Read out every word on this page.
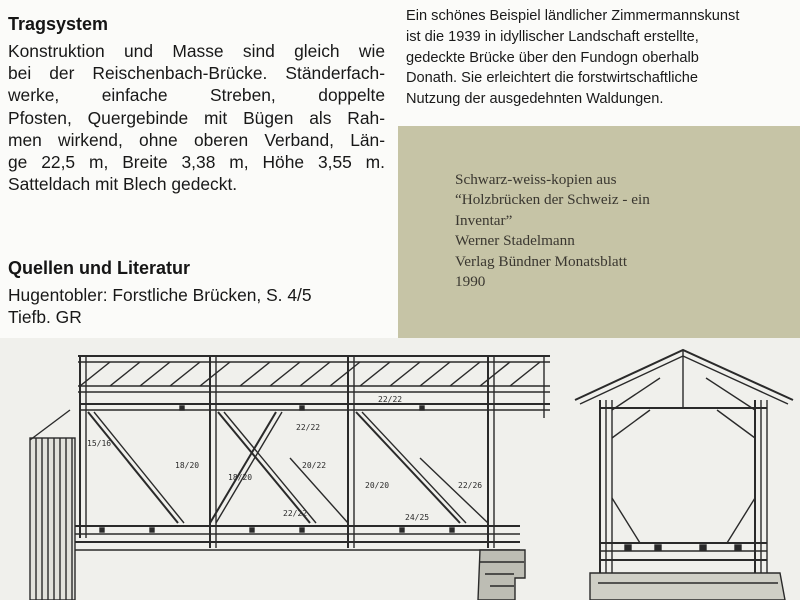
Tragsystem
Konstruktion und Masse sind gleich wie
bei der Reischenbach-Brücke. Ständerfach-
werke, einfache Streben, doppelte
Pfosten, Quergebinde mit Bügen als Rah-
men wirkend, ohne oberen Verband, Län-
ge 22,5 m, Breite 3,38 m, Höhe 3,55 m.
Satteldach mit Blech gedeckt.
Quellen und Literatur
Hugentobler: Forstliche Brücken, S. 4/5
Tiefb. GR
Ein schönes Beispiel ländlicher Zimmermannskunst
ist die 1939 in idyllischer Landschaft erstellte,
gedeckte Brücke über den Fundogn oberhalb
Donath. Sie erleichtert die forstwirtschaftliche
Nutzung der ausgedehnten Waldungen.
Schwarz-weiss-kopien aus
“Holzbrücken der Schweiz - ein
Inventar”
Werner Stadelmann
Verlag Bündner Monatsblatt
1990
15/16
22/22
22/22
18/20
18/20
20/22
20/20	22/26
24/25
22/22
